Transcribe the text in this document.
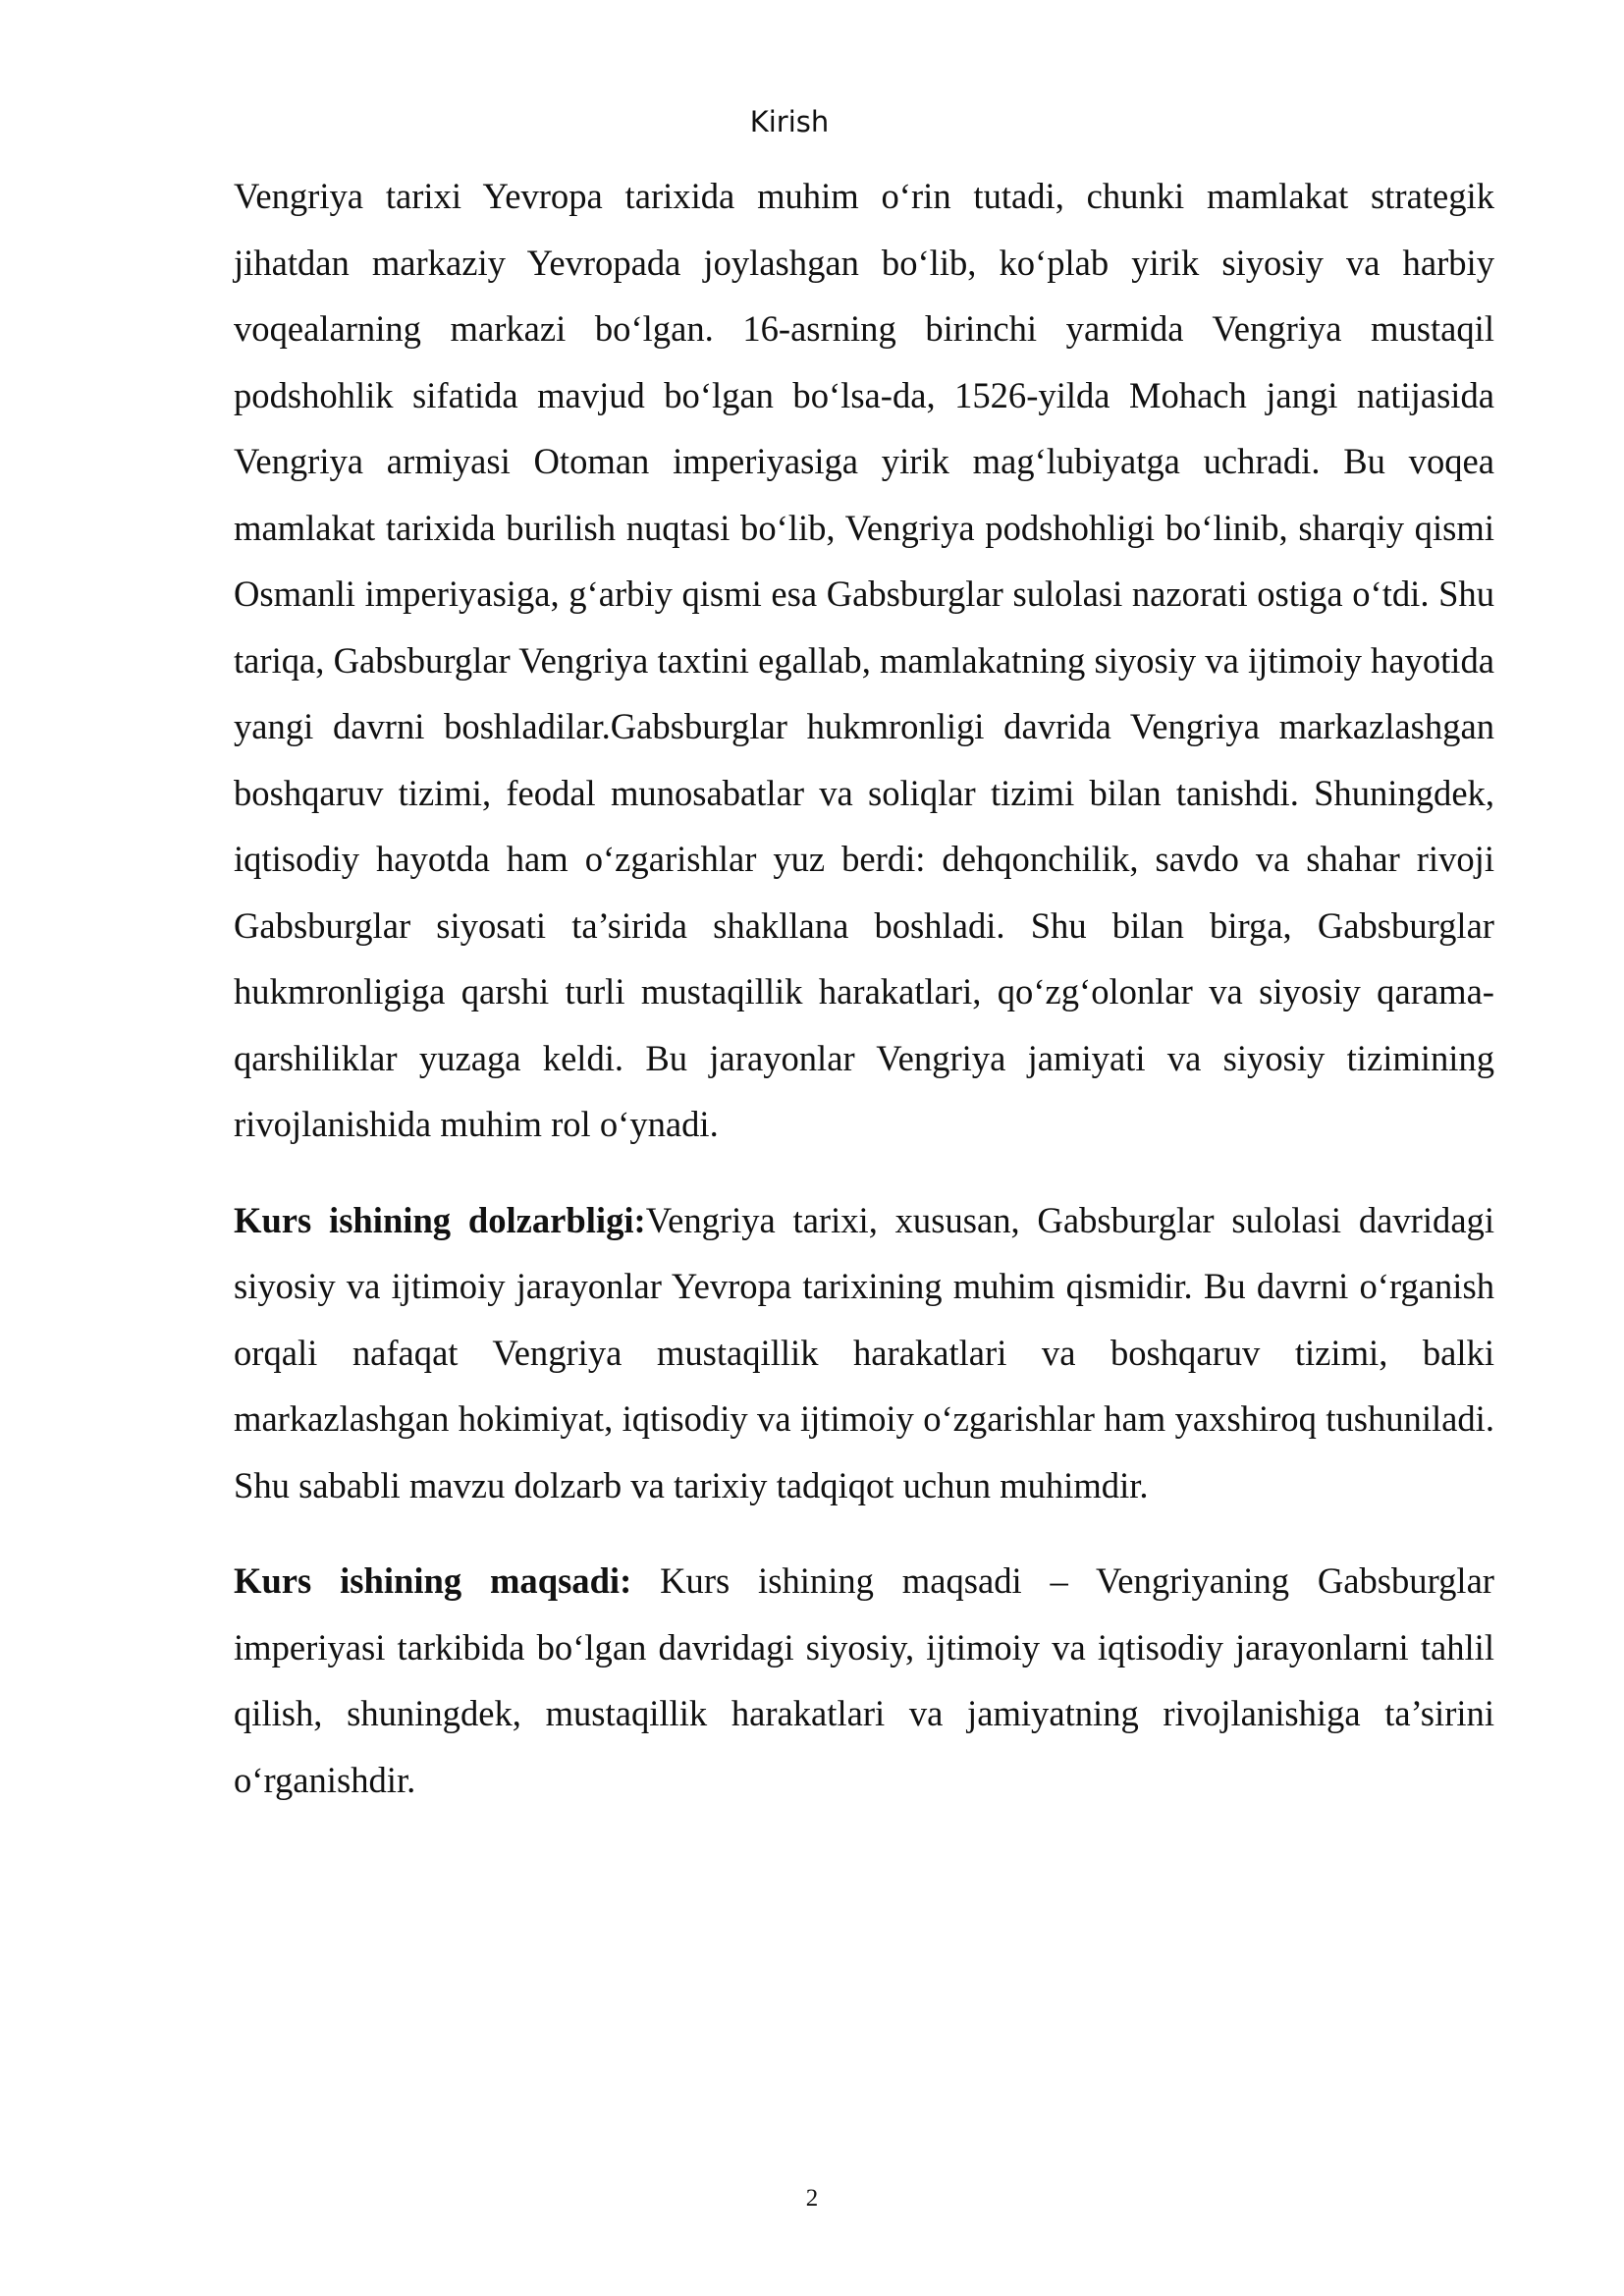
Kirish

Vengriya tarixi Yevropa tarixida muhim o‘rin tutadi, chunki mamlakat strategik jihatdan markaziy Yevropada joylashgan bo‘lib, ko‘plab yirik siyosiy va harbiy voqealarning markazi bo‘lgan. 16-asrning birinchi yarmida Vengriya mustaqil podshohlik sifatida mavjud bo‘lgan bo‘lsa-da, 1526-yilda Mohach jangi natijasida Vengriya armiyasi Otoman imperiyasiga yirik mag‘lubiyatga uchradi. Bu voqea mamlakat tarixida burilish nuqtasi bo‘lib, Vengriya podshohligi bo‘linib, sharqiy qismi Osmanli imperiyasiga, g‘arbiy qismi esa Gabsburglar sulolasi nazorati ostiga o‘tdi. Shu tariqa, Gabsburglar Vengriya taxtini egallab, mamlakatning siyosiy va ijtimoiy hayotida yangi davrni boshladilar.Gabsburglar hukmronligi davrida Vengriya markazlashgan boshqaruv tizimi, feodal munosabatlar va soliqlar tizimi bilan tanishdi. Shuningdek, iqtisodiy hayotda ham o‘zgarishlar yuz berdi: dehqonchilik, savdo va shahar rivoji Gabsburglar siyosati ta’sirida shakllana boshladi. Shu bilan birga, Gabsburglar hukmronligiga qarshi turli mustaqillik harakatlari, qo‘zg‘olonlar va siyosiy qarama-qarshiliklar yuzaga keldi. Bu jarayonlar Vengriya jamiyati va siyosiy tizimining rivojlanishida muhim rol o‘ynadi.

Kurs ishining dolzarbligi:Vengriya tarixi, xususan, Gabsburglar sulolasi davridagi siyosiy va ijtimoiy jarayonlar Yevropa tarixining muhim qismidir. Bu davrni o‘rganish orqali nafaqat Vengriya mustaqillik harakatlari va boshqaruv tizimi, balki markazlashgan hokimiyat, iqtisodiy va ijtimoiy o‘zgarishlar ham yaxshiroq tushuniladi. Shu sababli mavzu dolzarb va tarixiy tadqiqot uchun muhimdir.

Kurs ishining maqsadi: Kurs ishining maqsadi – Vengriyaning Gabsburglar imperiyasi tarkibida bo‘lgan davridagi siyosiy, ijtimoiy va iqtisodiy jarayonlarni tahlil qilish, shuningdek, mustaqillik harakatlari va jamiyatning rivojlanishiga ta’sirini o‘rganishdir.

2
